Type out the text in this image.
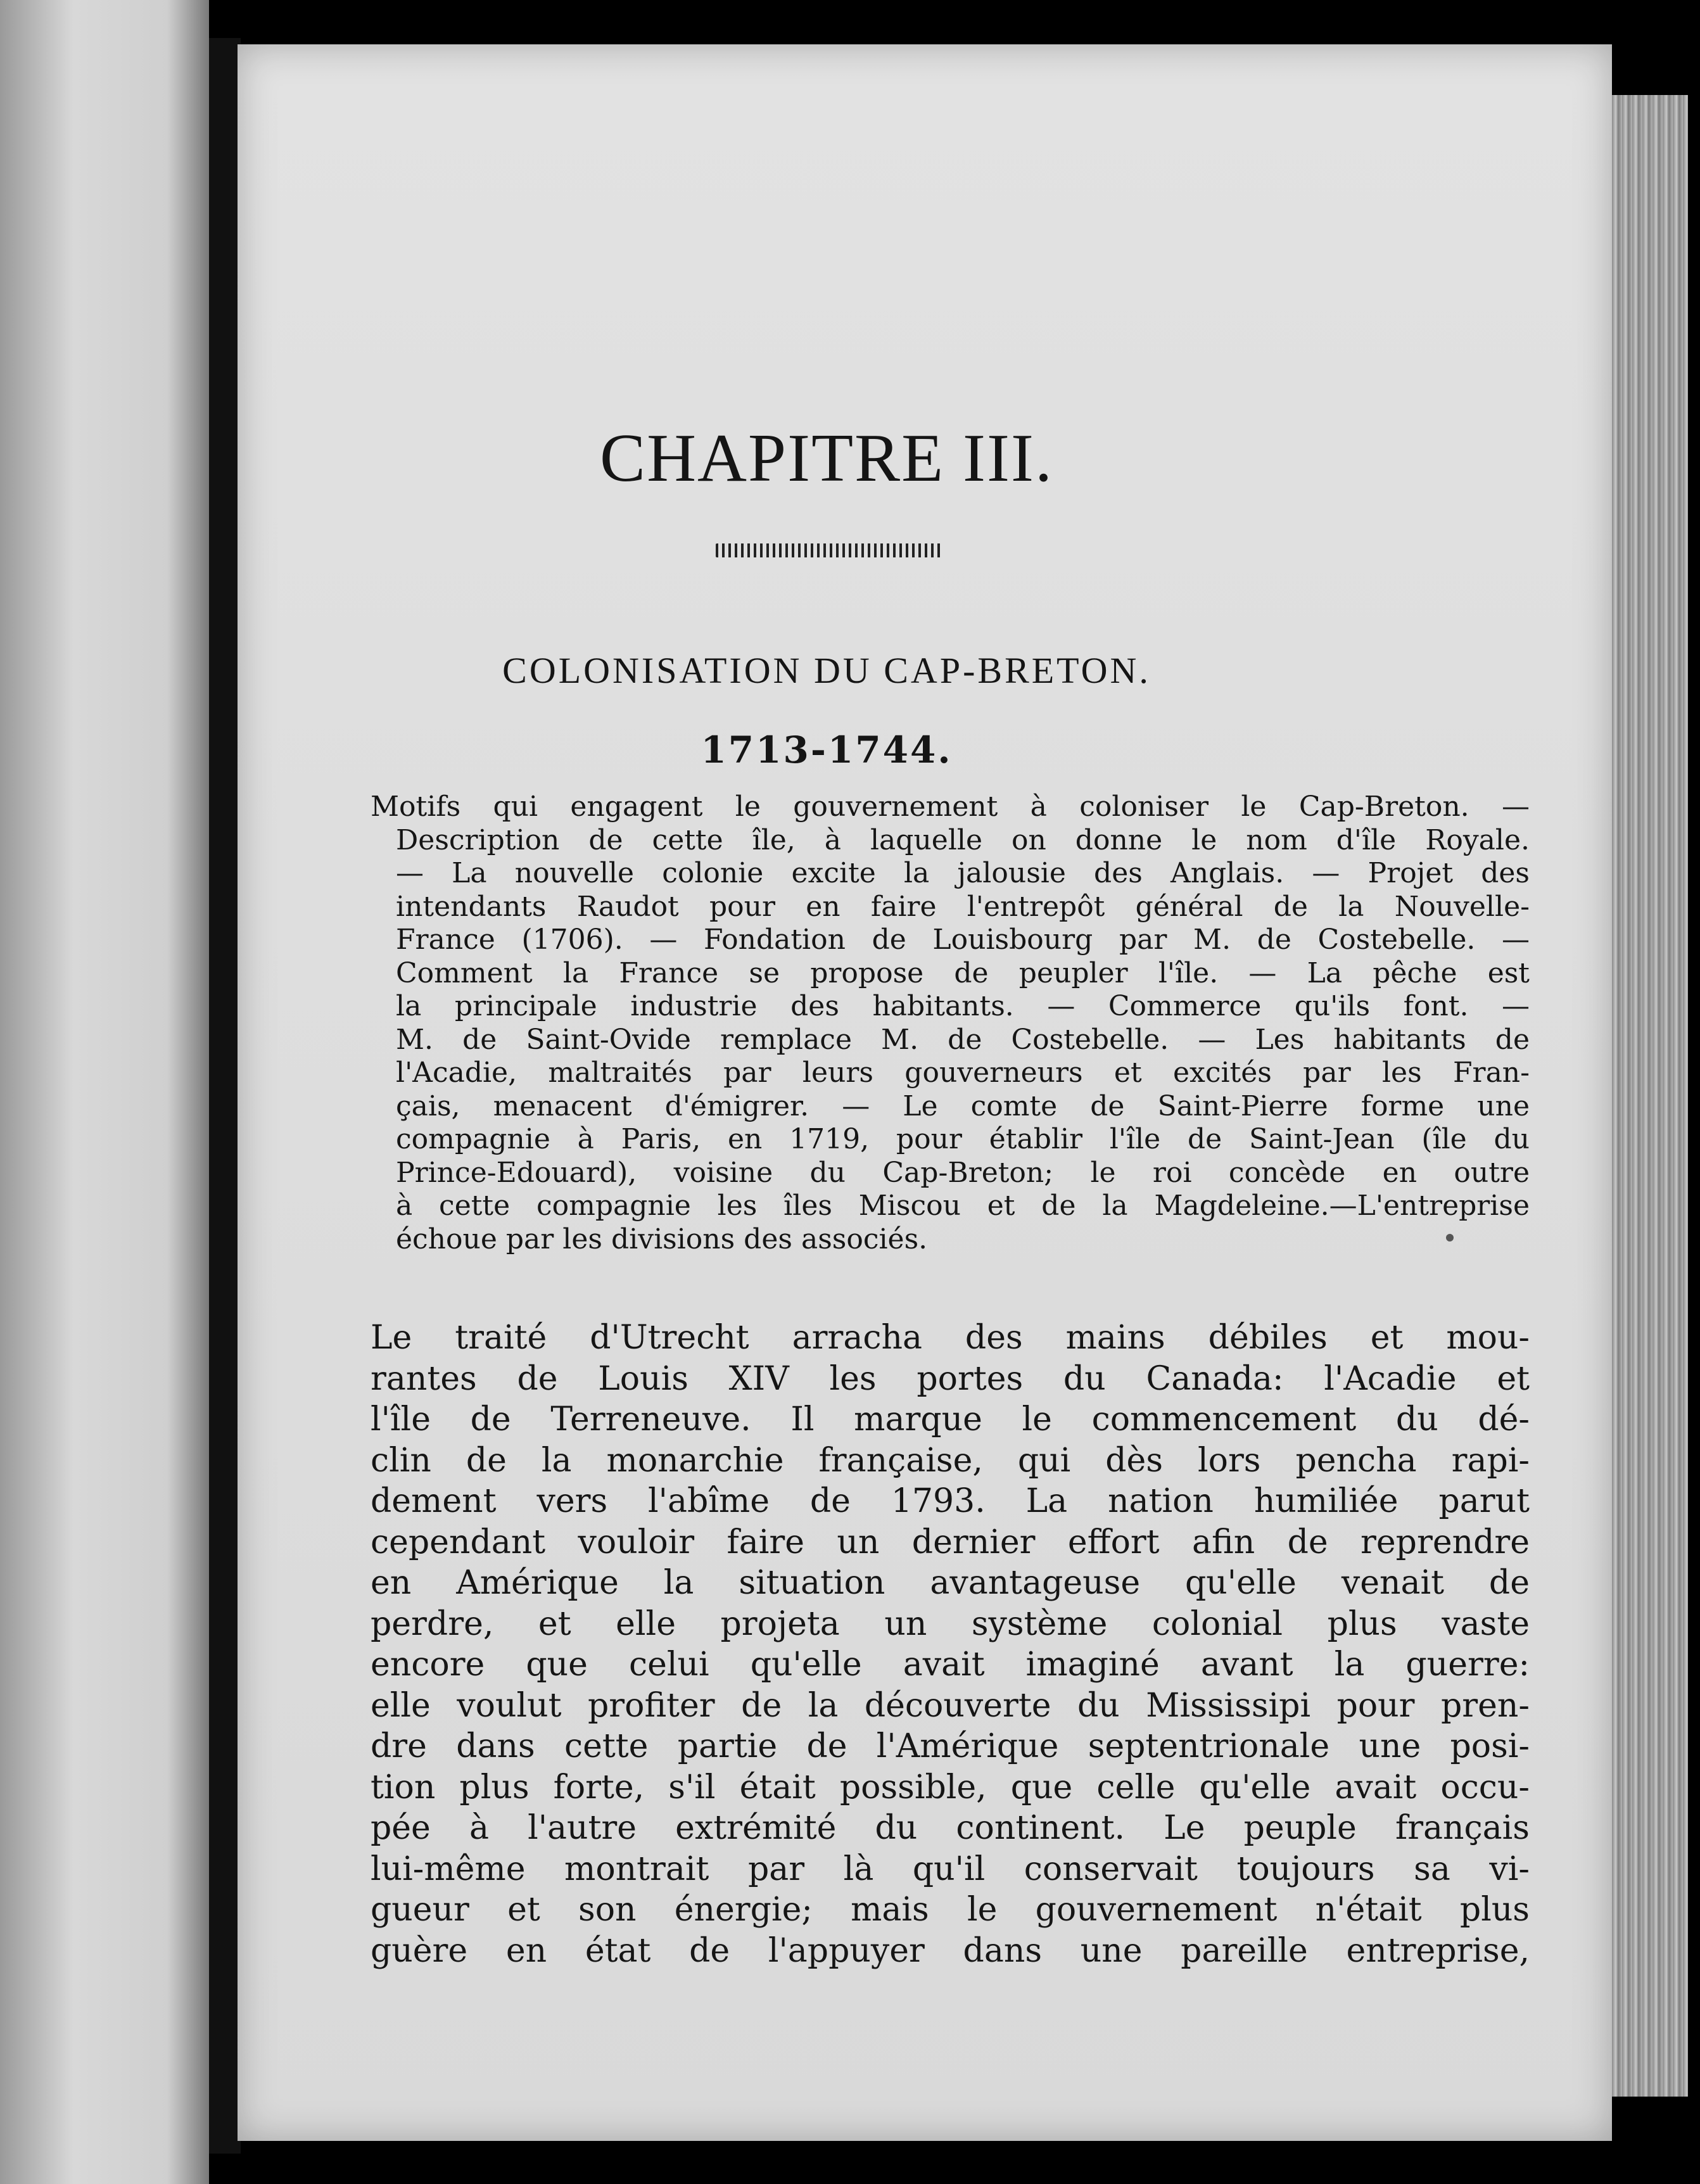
CHAPITRE III.
COLONISATION DU CAP-BRETON.
1713-1744.
Motifs qui engagent le gouvernement à coloniser le Cap-Breton. —
Description de cette île, à laquelle on donne le nom d'île Royale.
— La nouvelle colonie excite la jalousie des Anglais. — Projet des
intendants Raudot pour en faire l'entrepôt général de la Nouvelle-
France (1706). — Fondation de Louisbourg par M. de Costebelle. —
Comment la France se propose de peupler l'île. — La pêche est
la principale industrie des habitants. — Commerce qu'ils font. —
M. de Saint-Ovide remplace M. de Costebelle. — Les habitants de
l'Acadie, maltraités par leurs gouverneurs et excités par les Fran-
çais, menacent d'émigrer. — Le comte de Saint-Pierre forme une
compagnie à Paris, en 1719, pour établir l'île de Saint-Jean (île du
Prince-Edouard), voisine du Cap-Breton; le roi concède en outre
à cette compagnie les îles Miscou et de la Magdeleine.—L'entreprise
échoue par les divisions des associés.
Le traité d'Utrecht arracha des mains débiles et mou-
rantes de Louis XIV les portes du Canada: l'Acadie et
l'île de Terreneuve. Il marque le commencement du dé-
clin de la monarchie française, qui dès lors pencha rapi-
dement vers l'abîme de 1793. La nation humiliée parut
cependant vouloir faire un dernier effort afin de reprendre
en Amérique la situation avantageuse qu'elle venait de
perdre, et elle projeta un système colonial plus vaste
encore que celui qu'elle avait imaginé avant la guerre:
elle voulut profiter de la découverte du Mississipi pour pren-
dre dans cette partie de l'Amérique septentrionale une posi-
tion plus forte, s'il était possible, que celle qu'elle avait occu-
pée à l'autre extrémité du continent. Le peuple français
lui-même montrait par là qu'il conservait toujours sa vi-
gueur et son énergie; mais le gouvernement n'était plus
guère en état de l'appuyer dans une pareille entreprise,
